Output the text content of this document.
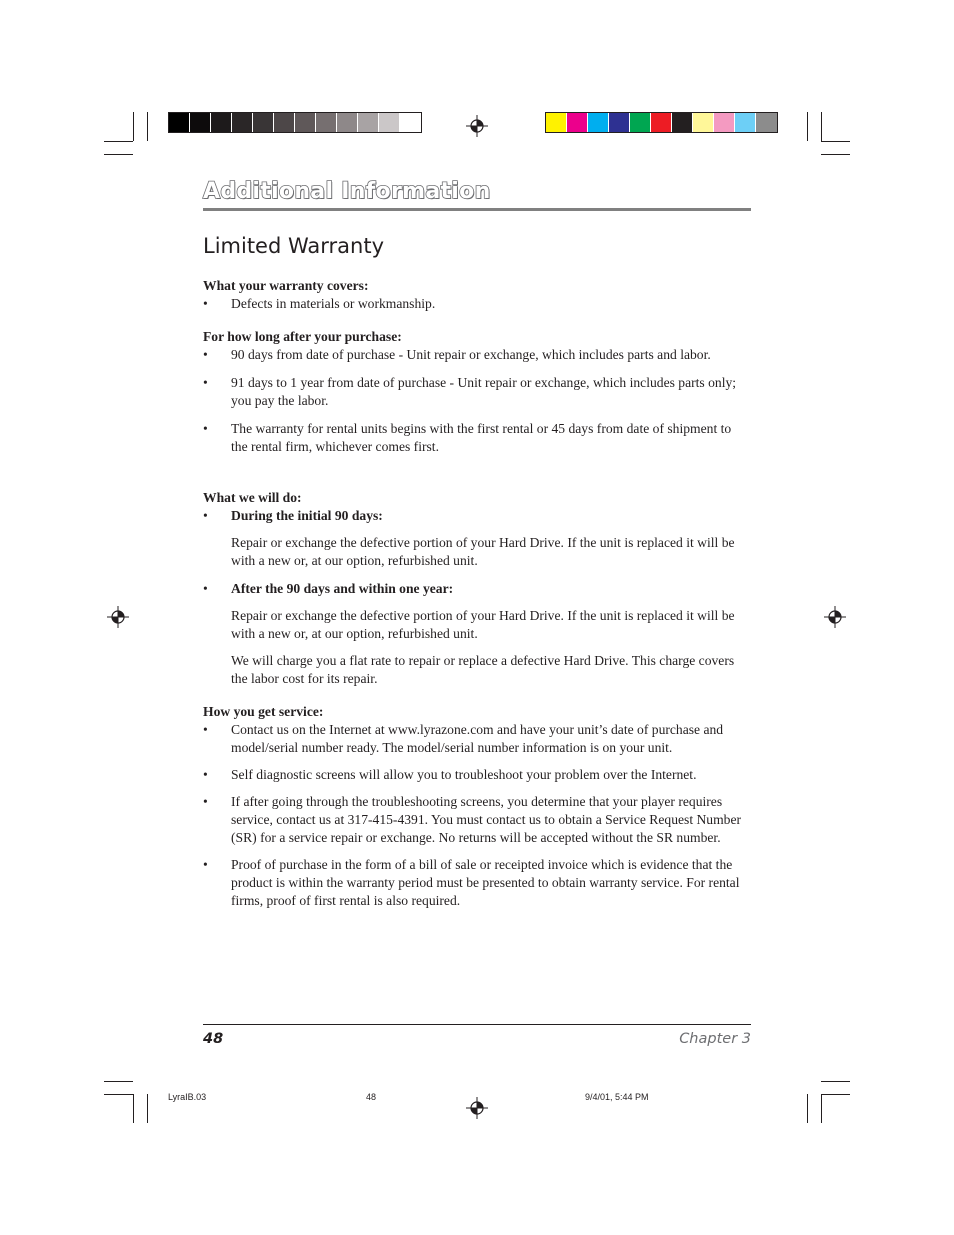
Additional Information
Limited Warranty

What your warranty covers:

• Defects in materials or workmanship.

For how long after your purchase:

• 90 days from date of purchase - Unit repair or exchange, which includes parts and labor.

• 91 days to 1 year from date of purchase - Unit repair or exchange, which includes parts only; you pay the labor.

• The warranty for rental units begins with the first rental or 45 days from date of shipment to the rental firm, whichever comes first.

What we will do:

• During the initial 90 days:

Repair or exchange the defective portion of your Hard Drive. If the unit is replaced it will be with a new or, at our option, refurbished unit.

• After the 90 days and within one year:

Repair or exchange the defective portion of your Hard Drive. If the unit is replaced it will be with a new or, at our option, refurbished unit.

We will charge you a flat rate to repair or replace a defective Hard Drive. This charge covers the labor cost for its repair.

How you get service:

• Contact us on the Internet at www.lyrazone.com and have your unit’s date of purchase and model/serial number ready. The model/serial number information is on your unit.

• Self diagnostic screens will allow you to troubleshoot your problem over the Internet.

• If after going through the troubleshooting screens, you determine that your player requires service, contact us at 317-415-4391. You must contact us to obtain a Service Request Number (SR) for a service repair or exchange. No returns will be accepted without the SR number.

• Proof of purchase in the form of a bill of sale or receipted invoice which is evidence that the product is within the warranty period must be presented to obtain warranty service. For rental firms, proof of first rental is also required.

48	Chapter 3
LyraIB.03	48	9/4/01, 5:44 PM
